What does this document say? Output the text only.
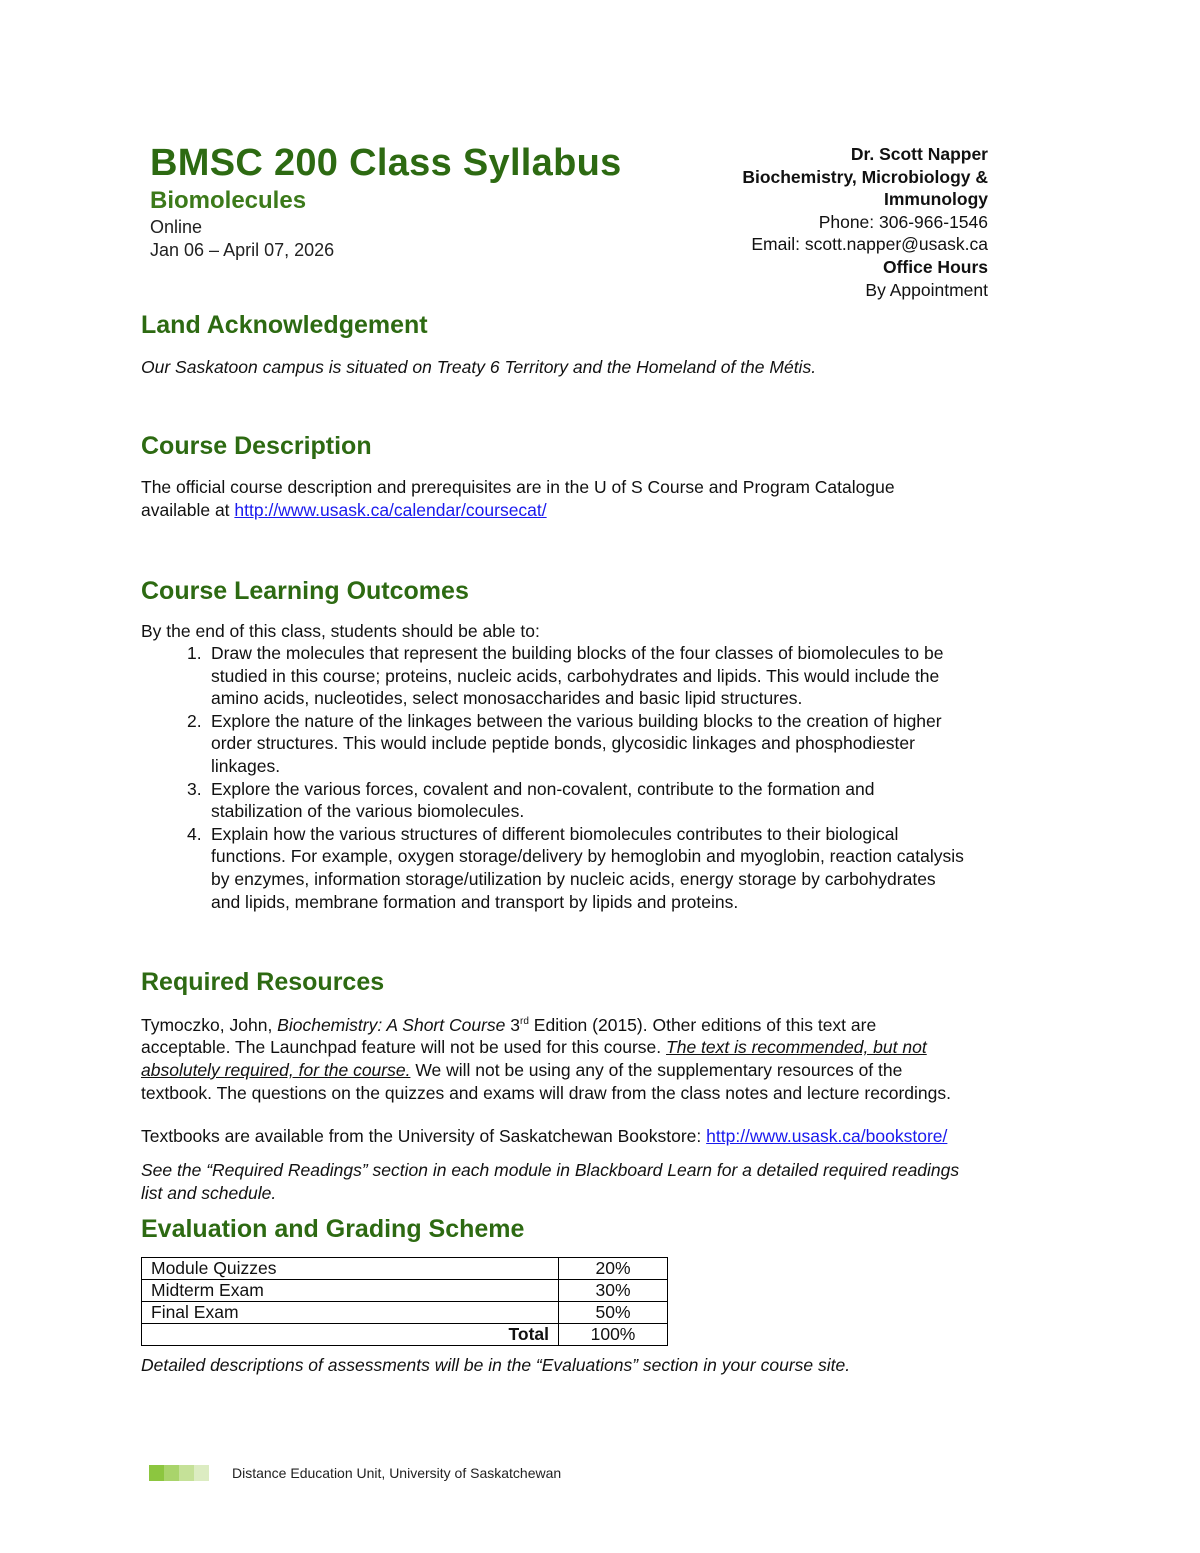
BMSC 200 Class Syllabus
Biomolecules
Online
Jan 06 – April 07, 2026
Dr. Scott Napper
Biochemistry, Microbiology &
Immunology
Phone: 306-966-1546
Email: scott.napper@usask.ca
Office Hours
By Appointment
Land Acknowledgement

Our Saskatoon campus is situated on Treaty 6 Territory and the Homeland of the Métis.

Course Description

The official course description and prerequisites are in the U of S Course and Program Catalogue
available at http://www.usask.ca/calendar/coursecat/

Course Learning Outcomes

By the end of this class, students should be able to:

1. Draw the molecules that represent the building blocks of the four classes of biomolecules to be
studied in this course; proteins, nucleic acids, carbohydrates and lipids. This would include the
amino acids, nucleotides, select monosaccharides and basic lipid structures.
2. Explore the nature of the linkages between the various building blocks to the creation of higher
order structures. This would include peptide bonds, glycosidic linkages and phosphodiester
linkages.
3. Explore the various forces, covalent and non-covalent, contribute to the formation and
stabilization of the various biomolecules.
4. Explain how the various structures of different biomolecules contributes to their biological
functions. For example, oxygen storage/delivery by hemoglobin and myoglobin, reaction catalysis
by enzymes, information storage/utilization by nucleic acids, energy storage by carbohydrates
and lipids, membrane formation and transport by lipids and proteins.
Required Resources

Tymoczko, John, Biochemistry: A Short Course 3rd Edition (2015). Other editions of this text are
acceptable. The Launchpad feature will not be used for this course. The text is recommended, but not
absolutely required, for the course. We will not be using any of the supplementary resources of the
textbook. The questions on the quizzes and exams will draw from the class notes and lecture recordings.

Textbooks are available from the University of Saskatchewan Bookstore: http://www.usask.ca/bookstore/

See the “Required Readings” section in each module in Blackboard Learn for a detailed required readings
list and schedule.

Evaluation and Grading Scheme
Module Quizzes	20%
Midterm Exam	30%
Final Exam	50%
Total	100%

Detailed descriptions of assessments will be in the “Evaluations” section in your course site.

Distance Education Unit, University of Saskatchewan
